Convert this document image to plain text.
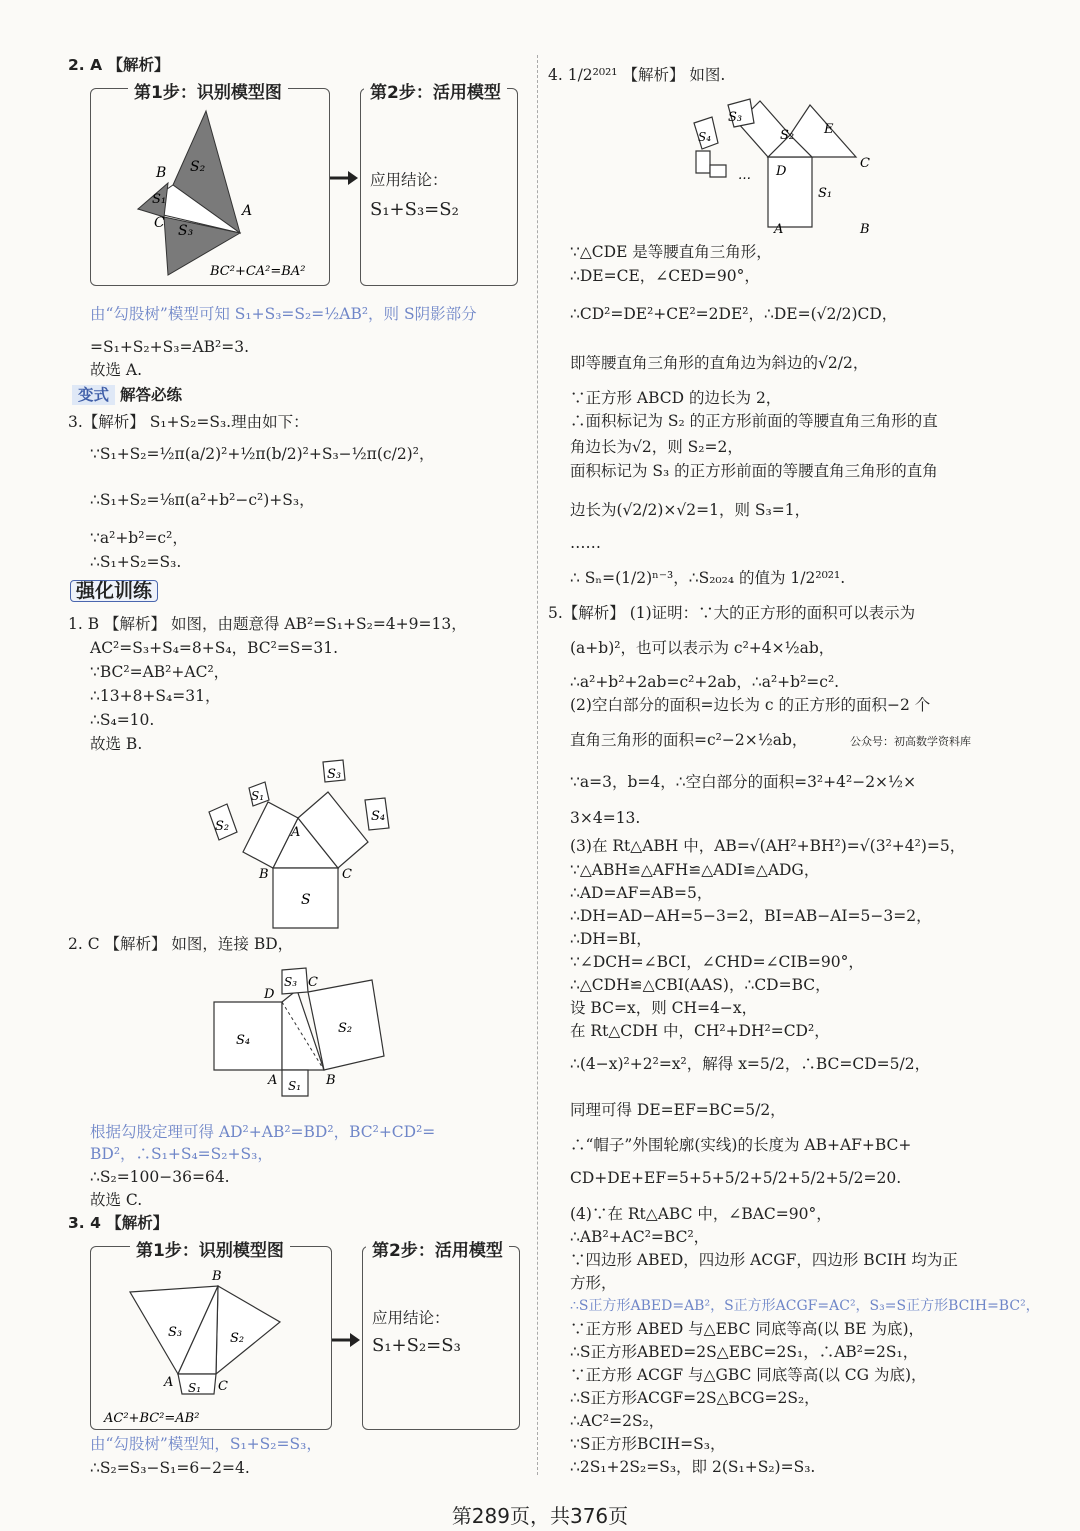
2. A 【解析】
第1步：识别模型图
S₂
B
S₁
A
C S₃
BC²+CA²=BA²
第2步：活用模型
应用结论：
S₁+S₃=S₂
由“勾股树”模型可知 S₁+S₃=S₂=½AB²，则 S阴影部分
=S₁+S₂+S₃=AB²=3.
故选 A.
变式 解答必练
3.【解析】 S₁+S₂=S₃.理由如下：
∵S₁+S₂=½π(a/2)²+½π(b/2)²+S₃−½π(c/2)²，
∴S₁+S₂=⅛π(a²+b²−c²)+S₃，
∵a²+b²=c²，
∴S₁+S₂=S₃.
强化训练
1. B 【解析】 如图，由题意得 AB²=S₁+S₂=4+9=13，
AC²=S₃+S₄=8+S₄，BC²=S=31.
∵BC²=AB²+AC²，
∴13+8+S₄=31，
∴S₄=10.
故选 B.
S₁
S₂
S₃
S₄
A
B	C
S
2. C 【解析】 如图，连接 BD，
S₃ C
D
S₂
S₄
A	B
S₁
根据勾股定理可得 AD²+AB²=BD²，BC²+CD²=
BD²，∴S₁+S₄=S₂+S₃，
∴S₂=100−36=64.
故选 C.
3. 4 【解析】
第1步：识别模型图
B
S₃	S₂
A S₁ C
AC²+BC²=AB²
第2步：活用模型
应用结论：
S₁+S₂=S₃
由“勾股树”模型知，S₁+S₂=S₃，
∴S₂=S₃−S₁=6−2=4.
4. 1/2²⁰²¹ 【解析】 如图.
S₃
S₄	S₂ E
C
D
…
S₁
A	B
∵△CDE 是等腰直角三角形，
∴DE=CE，∠CED=90°，
∴CD²=DE²+CE²=2DE²，∴DE=(√2/2)CD，
即等腰直角三角形的直角边为斜边的√2/2，
∵正方形 ABCD 的边长为 2，
∴面积标记为 S₂ 的正方形前面的等腰直角三角形的直
角边长为√2，则 S₂=2，
面积标记为 S₃ 的正方形前面的等腰直角三角形的直角
边长为(√2/2)×√2=1，则 S₃=1，
……
∴ Sₙ=(1/2)ⁿ⁻³，∴S₂₀₂₄ 的值为 1/2²⁰²¹.
5.【解析】 (1)证明：∵大的正方形的面积可以表示为
(a+b)²，也可以表示为 c²+4×½ab，
∴a²+b²+2ab=c²+2ab，∴a²+b²=c².
(2)空白部分的面积=边长为 c 的正方形的面积−2 个
直角三角形的面积=c²−2×½ab，	公众号：初高数学资料库
∵a=3，b=4，∴空白部分的面积=3²+4²−2×½×
3×4=13.
(3)在 Rt△ABH 中，AB=√(AH²+BH²)=√(3²+4²)=5，
∵△ABH≌△AFH≌△ADI≌△ADG，
∴AD=AF=AB=5，
∴DH=AD−AH=5−3=2，BI=AB−AI=5−3=2，
∴DH=BI，
∵∠DCH=∠BCI，∠CHD=∠CIB=90°，
∴△CDH≌△CBI(AAS)，∴CD=BC，
设 BC=x，则 CH=4−x，
在 Rt△CDH 中，CH²+DH²=CD²，
∴(4−x)²+2²=x²，解得 x=5/2，∴BC=CD=5/2，
同理可得 DE=EF=BC=5/2，
∴“帽子”外围轮廓(实线)的长度为 AB+AF+BC+
CD+DE+EF=5+5+5/2+5/2+5/2+5/2=20.
(4)∵在 Rt△ABC 中，∠BAC=90°，
∴AB²+AC²=BC²，
∵四边形 ABED，四边形 ACGF，四边形 BCIH 均为正
方形，
∴S正方形ABED=AB²，S正方形ACGF=AC²，S₃=S正方形BCIH=BC²，
∵正方形 ABED 与△EBC 同底等高(以 BE 为底)，
∴S正方形ABED=2S△EBC=2S₁，∴AB²=2S₁，
∵正方形 ACGF 与△GBC 同底等高(以 CG 为底)，
∴S正方形ACGF=2S△BCG=2S₂，
∴AC²=2S₂，
∵S正方形BCIH=S₃，
∴2S₁+2S₂=S₃，即 2(S₁+S₂)=S₃.
第289页，共376页
